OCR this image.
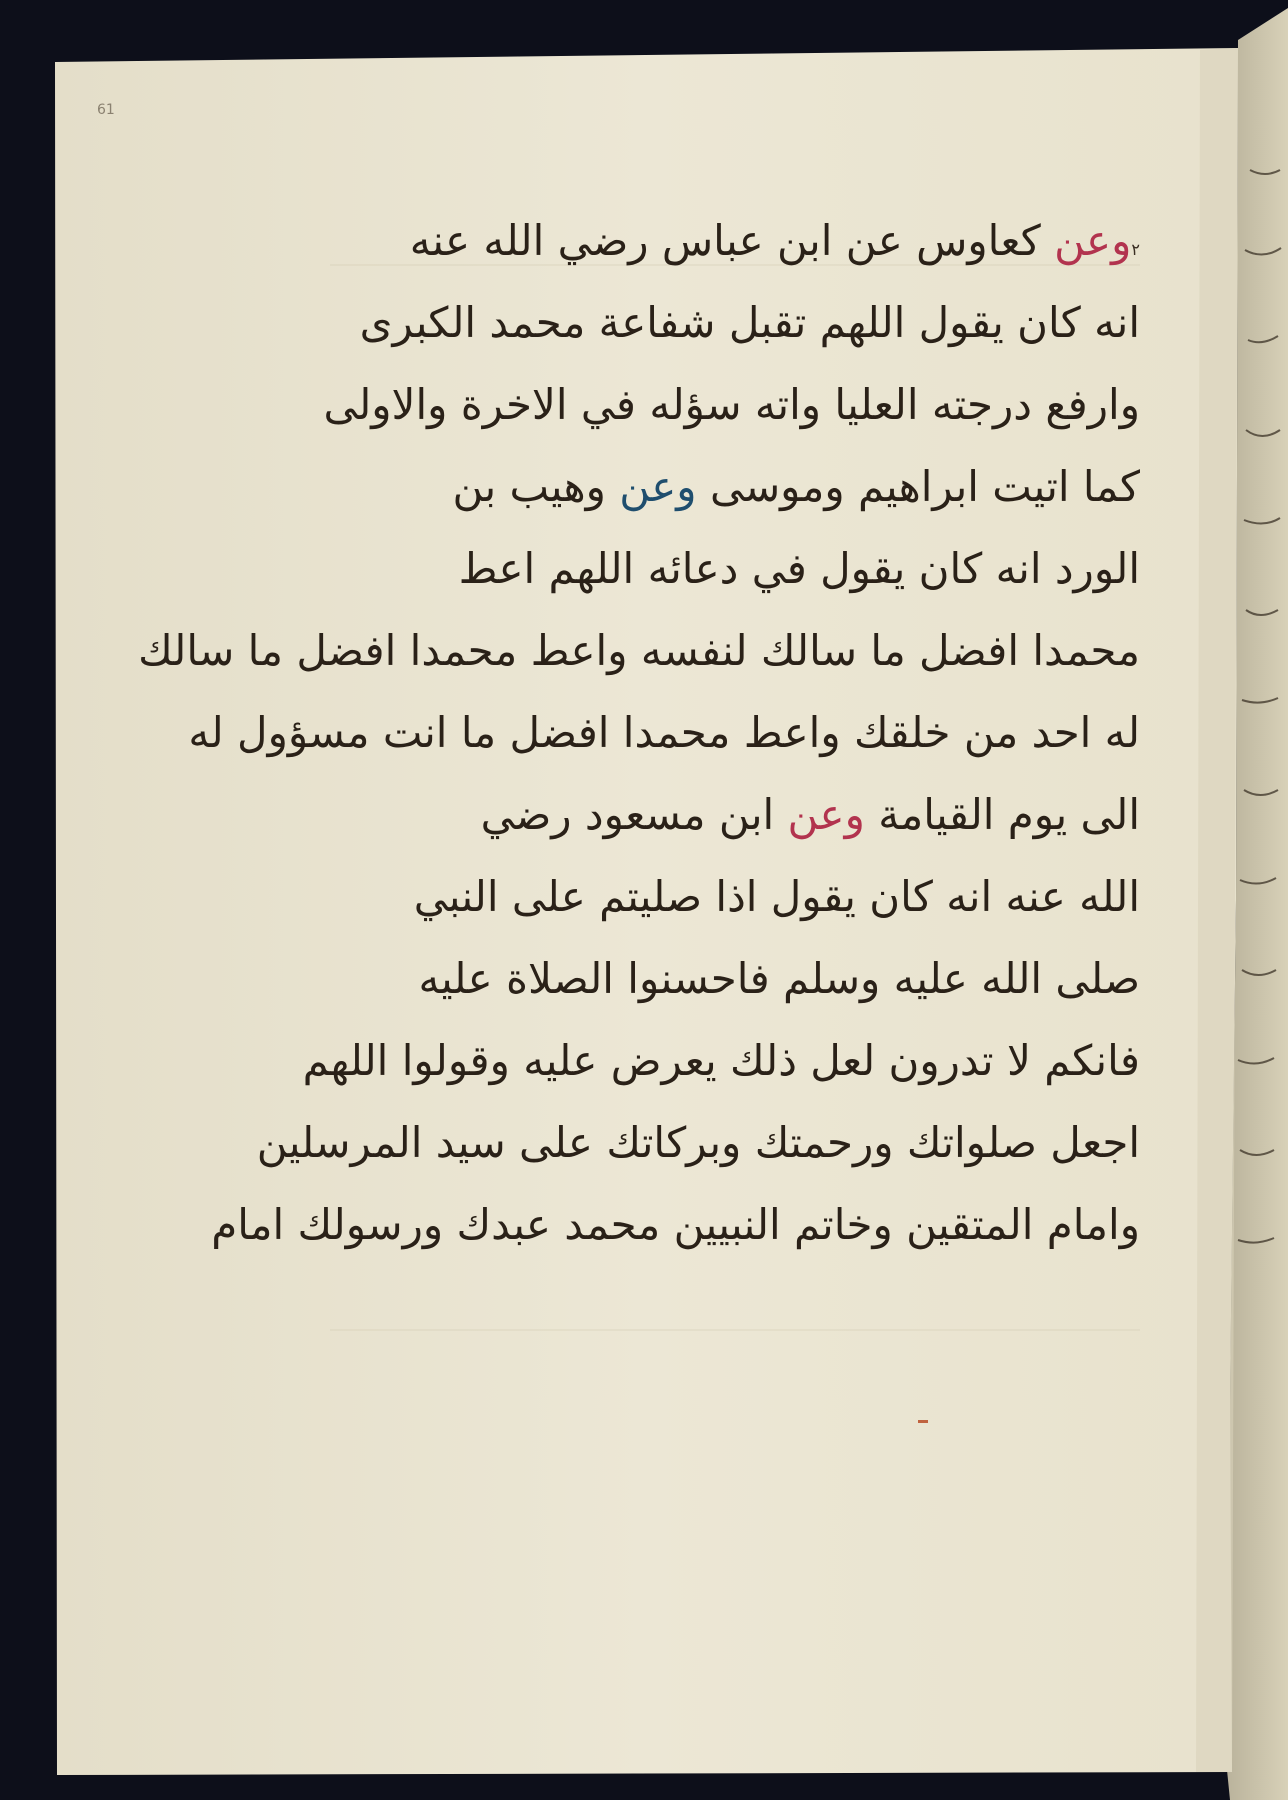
61
٢وعن كعاوس عن ابن عباس رضي الله عنه
انه كان يقول اللهم تقبل شفاعة محمد الكبرى
وارفع درجته العليا واته سؤله في الاخرة والاولى
كما اتيت ابراهيم وموسى وعن وهيب بن
الورد انه كان يقول في دعائه اللهم اعط
محمدا افضل ما سالك لنفسه واعط محمدا افضل ما سالك
له احد من خلقك واعط محمدا افضل ما انت مسؤول له
الى يوم القيامة وعن ابن مسعود رضي
الله عنه انه كان يقول اذا صليتم على النبي
صلى الله عليه وسلم فاحسنوا الصلاة عليه
فانكم لا تدرون لعل ذلك يعرض عليه وقولوا اللهم
اجعل صلواتك ورحمتك وبركاتك على سيد المرسلين
وامام المتقين وخاتم النبيين محمد عبدك ورسولك امام
